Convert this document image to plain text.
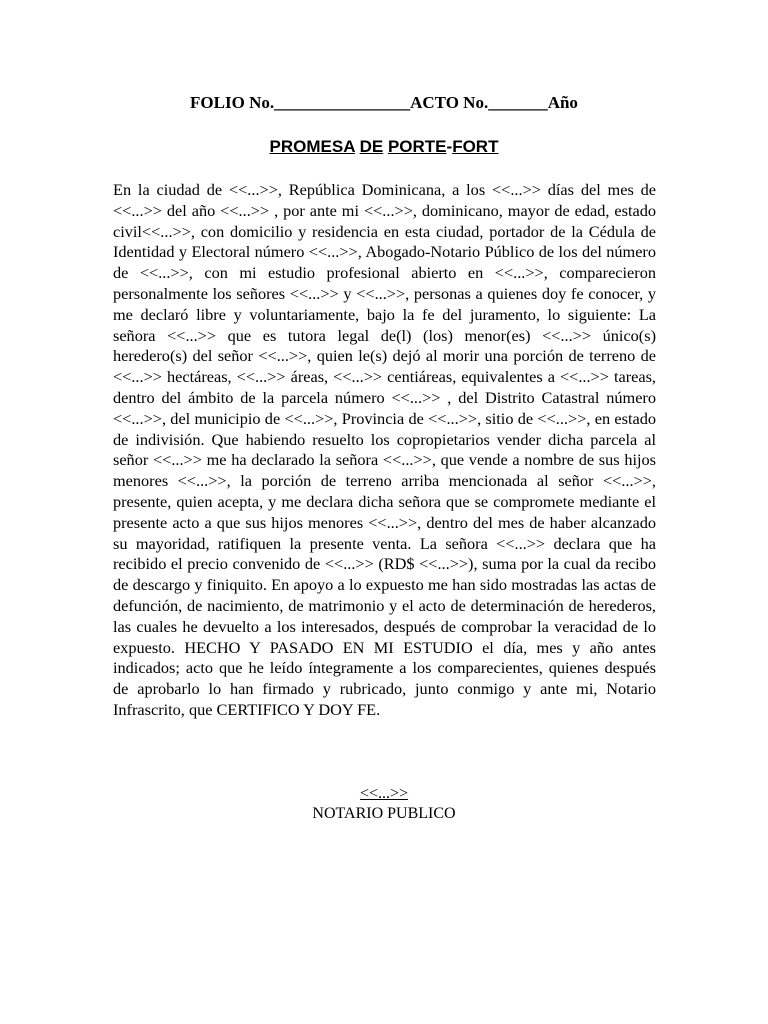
FOLIO No.________________ACTO No._______Año
PROMESA DE PORTE-FORT

En la ciudad de <<...>>, República Dominicana, a los <<...>> días del mes de <<...>> del año <<...>> , por ante mi <<...>>, dominicano, mayor de edad, estado civil<<...>>, con domicilio y residencia en esta ciudad, portador de la Cédula de Identidad y Electoral número <<...>>, Abogado-Notario Público de los del número de <<...>>, con mi estudio profesional abierto en <<...>>, comparecieron personalmente los señores <<...>> y <<...>>, personas a quienes doy fe conocer, y me declaró libre y voluntariamente, bajo la fe del juramento, lo siguiente: La señora <<...>> que es tutora legal de(l) (los) menor(es) <<...>> único(s) heredero(s) del señor <<...>>, quien le(s) dejó al morir una porción de terreno de <<...>> hectáreas, <<...>> áreas, <<...>> centiáreas, equivalentes a <<...>> tareas, dentro del ámbito de la parcela número <<...>> , del Distrito Catastral número <<...>>, del municipio de <<...>>, Provincia de <<...>>, sitio de <<...>>, en estado de indivisión. Que habiendo resuelto los copropietarios vender dicha parcela al señor <<...>> me ha declarado la señora <<...>>, que vende a nombre de sus hijos menores <<...>>, la porción de terreno arriba mencionada al señor <<...>>, presente, quien acepta, y me declara dicha señora que se compromete mediante el presente acto a que sus hijos menores <<...>>, dentro del mes de haber alcanzado su mayoridad, ratifiquen la presente venta. La señora <<...>> declara que ha recibido el precio convenido de <<...>> (RD$ <<...>>), suma por la cual da recibo de descargo y finiquito. En apoyo a lo expuesto me han sido mostradas las actas de defunción, de nacimiento, de matrimonio y el acto de determinación de herederos, las cuales he devuelto a los interesados, después de comprobar la veracidad de lo expuesto. HECHO Y PASADO EN MI ESTUDIO el día, mes y año antes indicados; acto que he leído íntegramente a los comparecientes, quienes después de aprobarlo lo han firmado y rubricado, junto conmigo y ante mi, Notario Infrascrito, que CERTIFICO Y DOY FE.

<<...>>
NOTARIO PUBLICO
